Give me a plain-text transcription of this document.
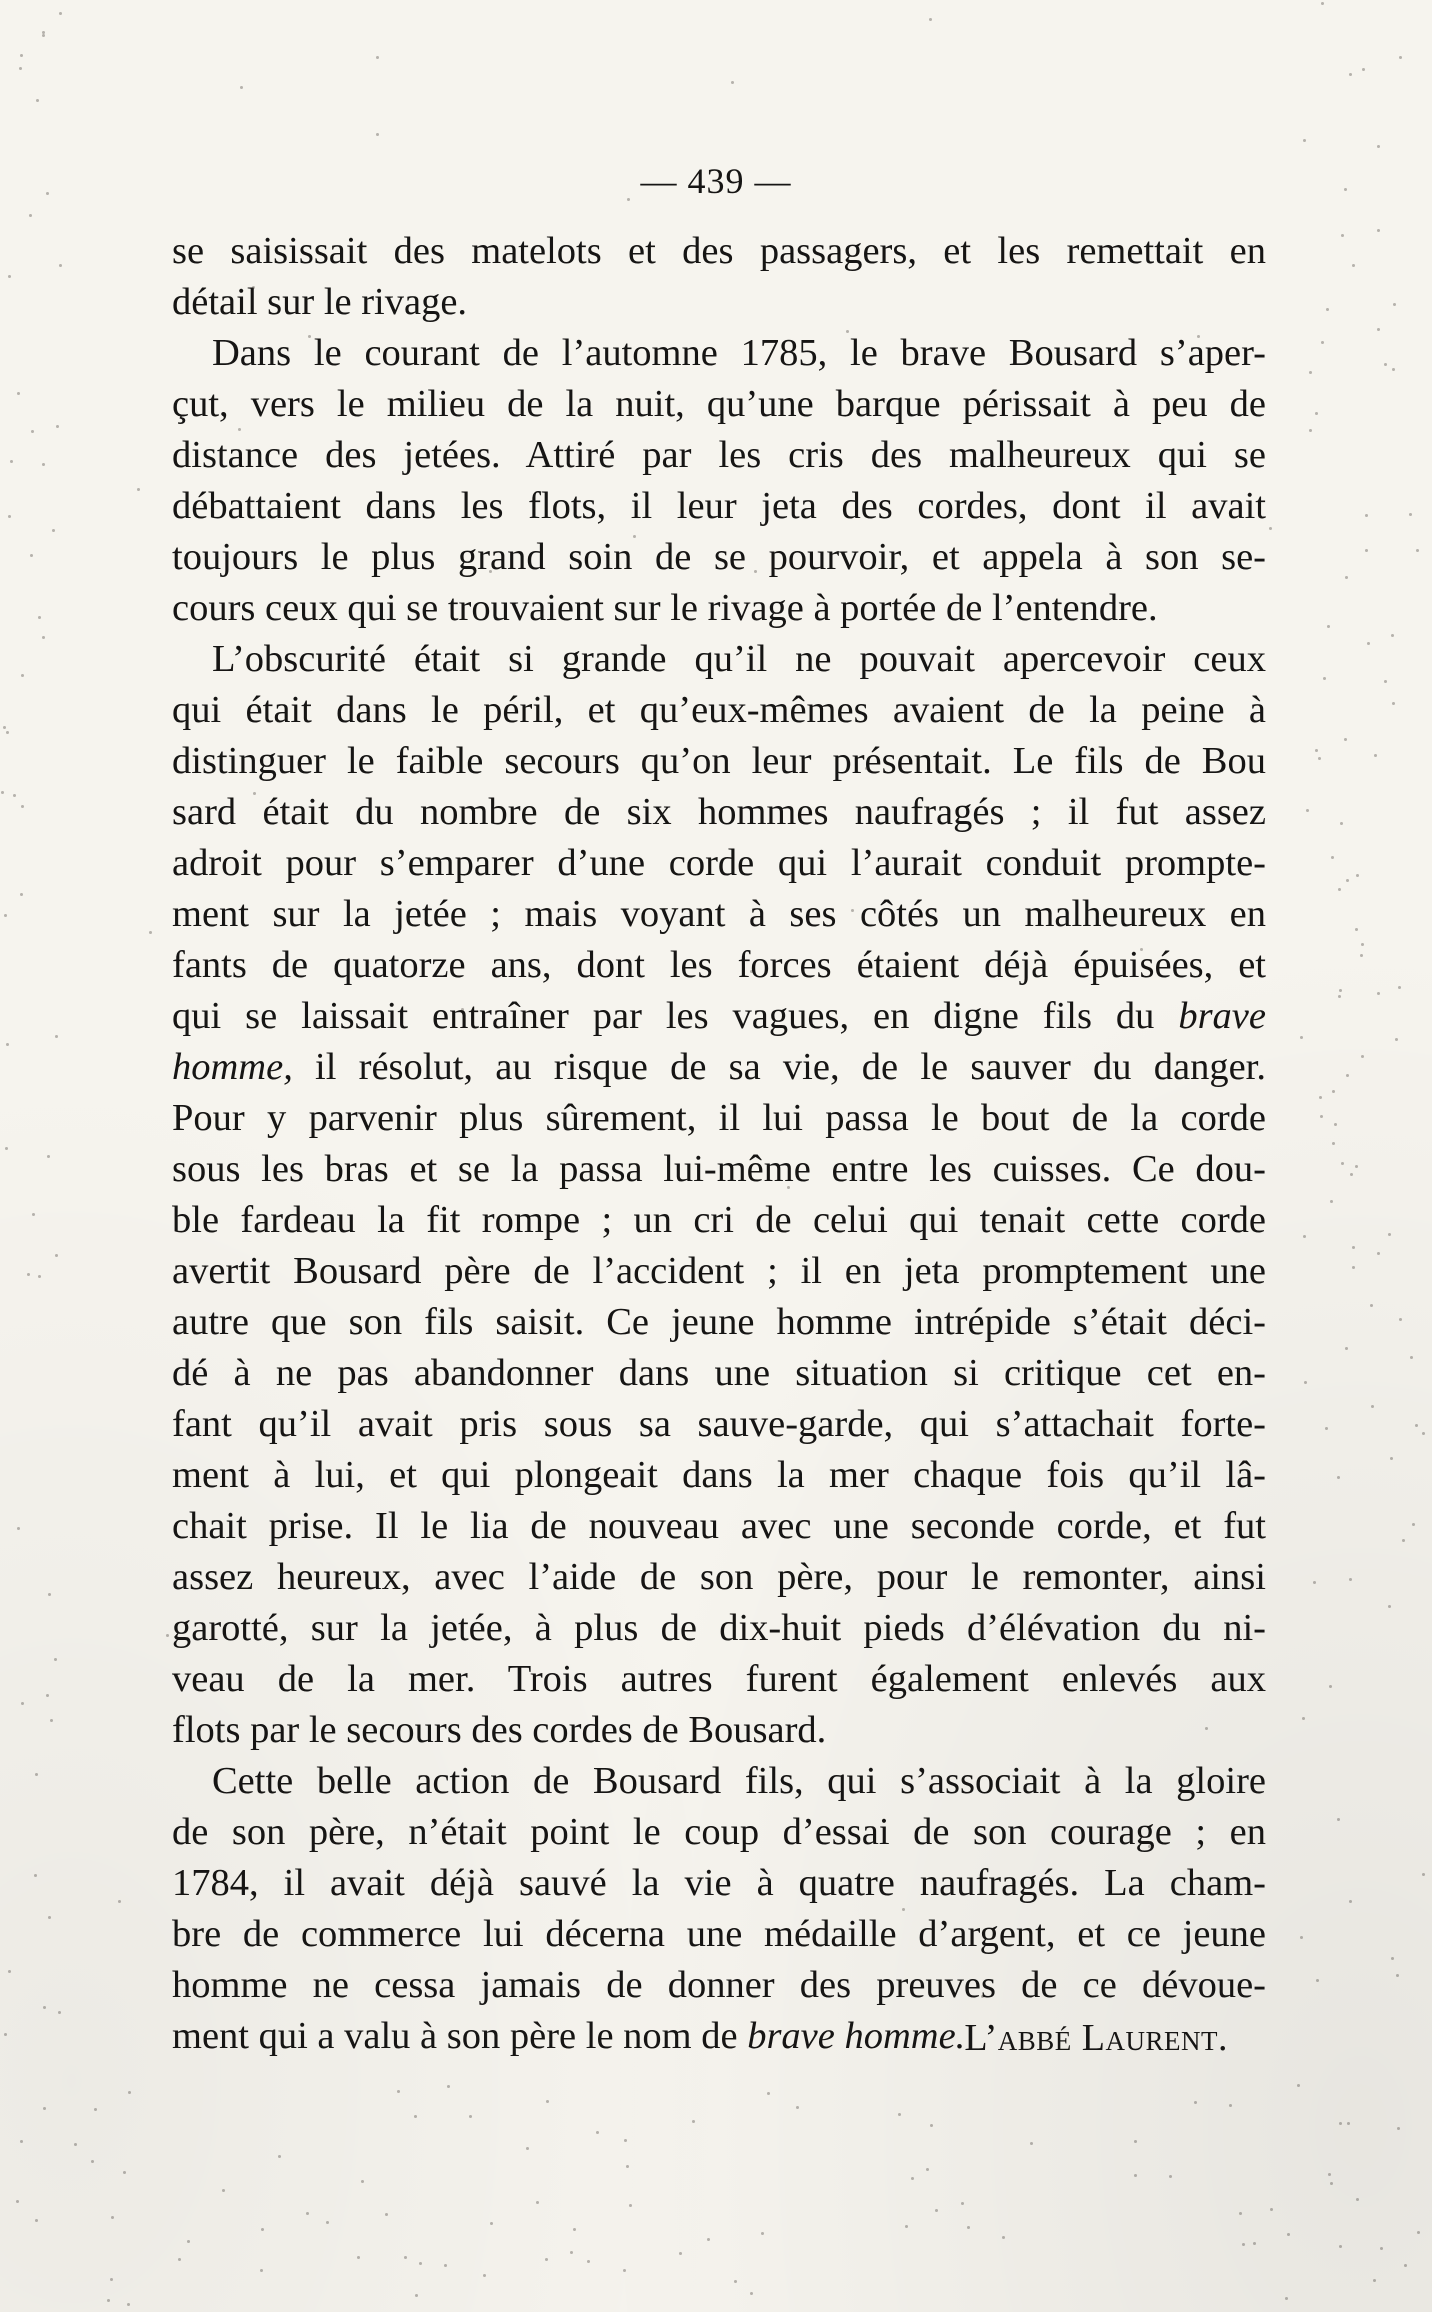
— 439 —
se saisissait des matelots et des passagers, et les remettait en
détail sur le rivage.
Dans le courant de l’automne 1785, le brave Bousard s’aper-
çut, vers le milieu de la nuit, qu’une barque périssait à peu de
distance des jetées. Attiré par les cris des malheureux qui se
débattaient dans les flots, il leur jeta des cordes, dont il avait
toujours le plus grand soin de se pourvoir, et appela à son se-
cours ceux qui se trouvaient sur le rivage à portée de l’entendre.
L’obscurité était si grande qu’il ne pouvait apercevoir ceux
qui était dans le péril, et qu’eux-mêmes avaient de la peine à
distinguer le faible secours qu’on leur présentait. Le fils de Bou
sard était du nombre de six hommes naufragés ; il fut assez
adroit pour s’emparer d’une corde qui l’aurait conduit prompte-
ment sur la jetée ; mais voyant à ses côtés un malheureux en
fants de quatorze ans, dont les forces étaient déjà épuisées, et
qui se laissait entraîner par les vagues, en digne fils du brave
homme, il résolut, au risque de sa vie, de le sauver du danger.
Pour y parvenir plus sûrement, il lui passa le bout de la corde
sous les bras et se la passa lui-même entre les cuisses. Ce dou-
ble fardeau la fit rompe ; un cri de celui qui tenait cette corde
avertit Bousard père de l’accident ; il en jeta promptement une
autre que son fils saisit. Ce jeune homme intrépide s’était déci-
dé à ne pas abandonner dans une situation si critique cet en-
fant qu’il avait pris sous sa sauve-garde, qui s’attachait forte-
ment à lui, et qui plongeait dans la mer chaque fois qu’il lâ-
chait prise. Il le lia de nouveau avec une seconde corde, et fut
assez heureux, avec l’aide de son père, pour le remonter, ainsi
garotté, sur la jetée, à plus de dix-huit pieds d’élévation du ni-
veau de la mer. Trois autres furent également enlevés aux
flots par le secours des cordes de Bousard.
Cette belle action de Bousard fils, qui s’associait à la gloire
de son père, n’était point le coup d’essai de son courage ; en
1784, il avait déjà sauvé la vie à quatre naufragés. La cham-
bre de commerce lui décerna une médaille d’argent, et ce jeune
homme ne cessa jamais de donner des preuves de ce dévoue-
ment qui a valu à son père le nom de brave homme. L’abbé Laurent.
